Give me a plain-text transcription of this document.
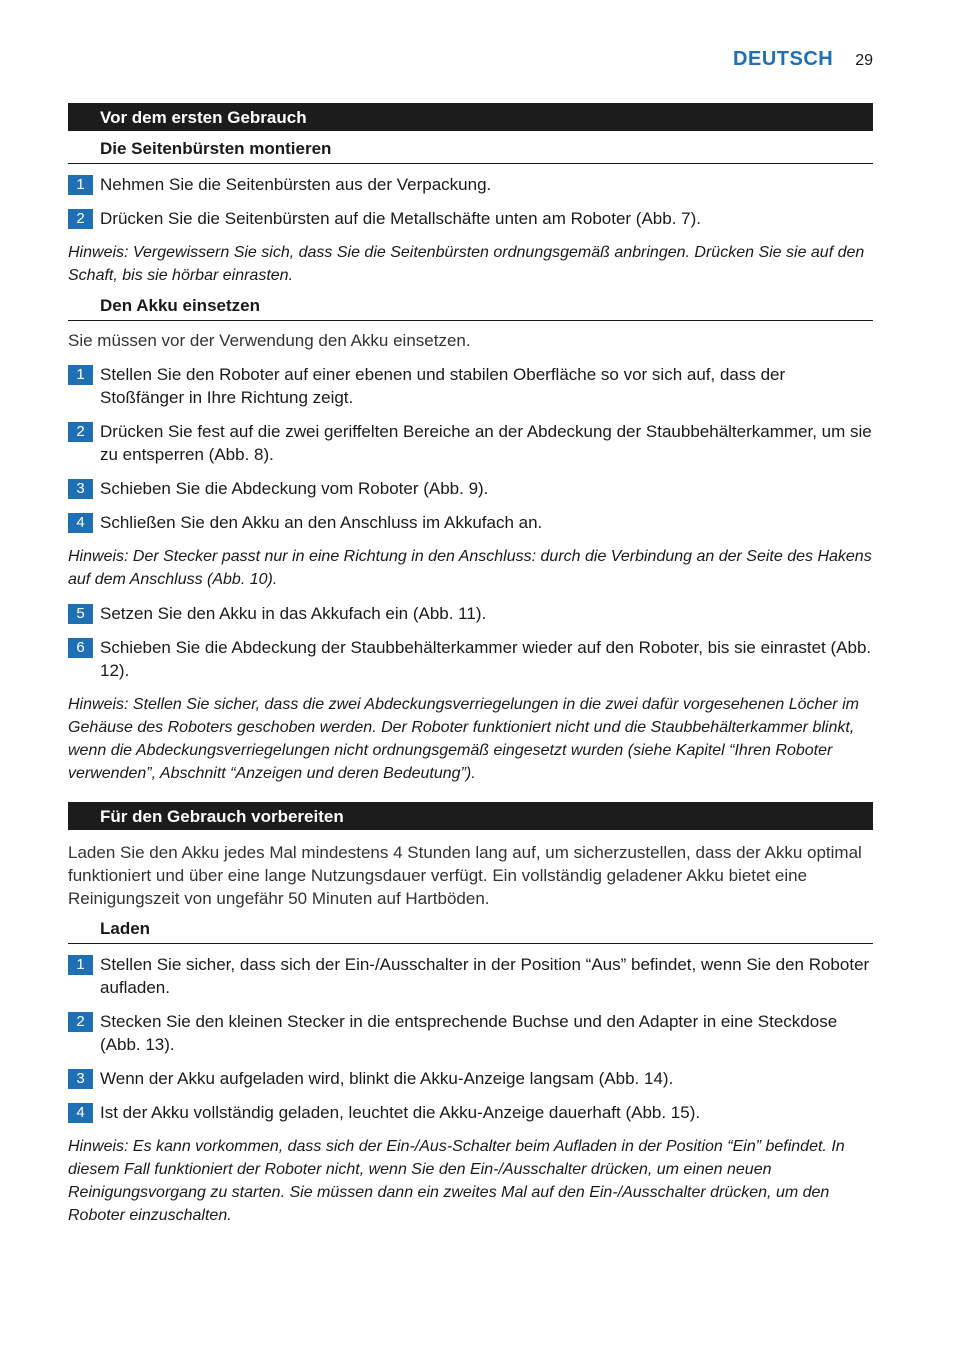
DEUTSCH 29
Vor dem ersten Gebrauch
Die Seitenbürsten montieren
1 Nehmen Sie die Seitenbürsten aus der Verpackung.
2 Drücken Sie die Seitenbürsten auf die Metallschäfte unten am Roboter (Abb. 7).
Hinweis: Vergewissern Sie sich, dass Sie die Seitenbürsten ordnungsgemäß anbringen. Drücken Sie sie auf den Schaft, bis sie hörbar einrasten.
Den Akku einsetzen
Sie müssen vor der Verwendung den Akku einsetzen.
1 Stellen Sie den Roboter auf einer ebenen und stabilen Oberfläche so vor sich auf, dass der Stoßfänger in Ihre Richtung zeigt.
2 Drücken Sie fest auf die zwei geriffelten Bereiche an der Abdeckung der Staubbehälterkammer, um sie zu entsperren (Abb. 8).
3 Schieben Sie die Abdeckung vom Roboter (Abb. 9).
4 Schließen Sie den Akku an den Anschluss im Akkufach an.
Hinweis: Der Stecker passt nur in eine Richtung in den Anschluss: durch die Verbindung an der Seite des Hakens auf dem Anschluss (Abb. 10).
5 Setzen Sie den Akku in das Akkufach ein (Abb. 11).
6 Schieben Sie die Abdeckung der Staubbehälterkammer wieder auf den Roboter, bis sie einrastet (Abb. 12).
Hinweis: Stellen Sie sicher, dass die zwei Abdeckungsverriegelungen in die zwei dafür vorgesehenen Löcher im Gehäuse des Roboters geschoben werden. Der Roboter funktioniert nicht und die Staubbehälterkammer blinkt, wenn die Abdeckungsverriegelungen nicht ordnungsgemäß eingesetzt wurden (siehe Kapitel “Ihren Roboter verwenden”, Abschnitt “Anzeigen und deren Bedeutung”).
Für den Gebrauch vorbereiten
Laden Sie den Akku jedes Mal mindestens 4 Stunden lang auf, um sicherzustellen, dass der Akku optimal funktioniert und über eine lange Nutzungsdauer verfügt. Ein vollständig geladener Akku bietet eine Reinigungszeit von ungefähr 50 Minuten auf Hartböden.
Laden
1 Stellen Sie sicher, dass sich der Ein-/Ausschalter in der Position “Aus” befindet, wenn Sie den Roboter aufladen.
2 Stecken Sie den kleinen Stecker in die entsprechende Buchse und den Adapter in eine Steckdose (Abb. 13).
3 Wenn der Akku aufgeladen wird, blinkt die Akku-Anzeige langsam (Abb. 14).
4 Ist der Akku vollständig geladen, leuchtet die Akku-Anzeige dauerhaft (Abb. 15).
Hinweis: Es kann vorkommen, dass sich der Ein-/Aus-Schalter beim Aufladen in der Position “Ein” befindet. In diesem Fall funktioniert der Roboter nicht, wenn Sie den Ein-/Ausschalter drücken, um einen neuen Reinigungsvorgang zu starten. Sie müssen dann ein zweites Mal auf den Ein-/Ausschalter drücken, um den Roboter einzuschalten.
